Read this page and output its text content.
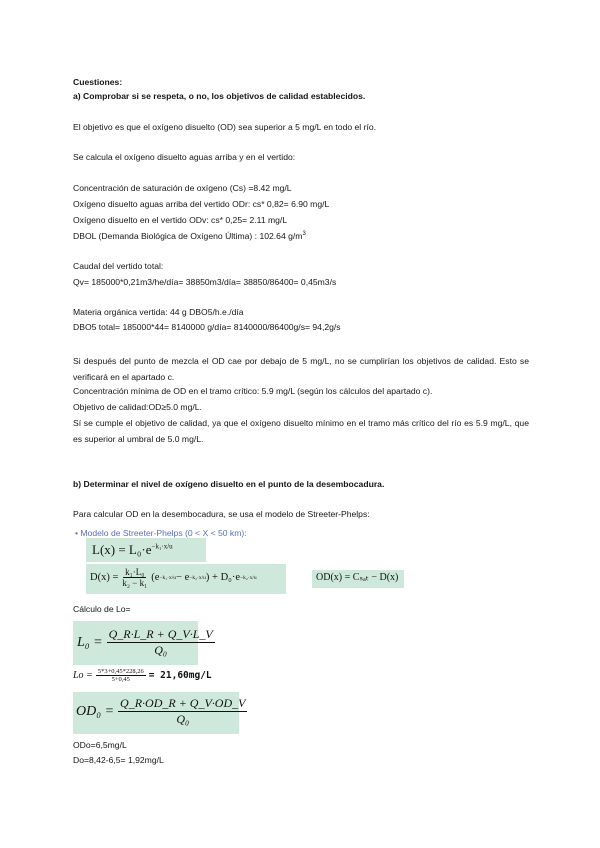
Cuestiones:
a) Comprobar si se respeta, o no, los objetivos de calidad establecidos.
El objetivo es que el oxígeno disuelto (OD) sea superior a 5 mg/L en todo el río.
Se calcula el oxígeno disuelto aguas arriba y en el vertido:
Concentración de saturación de oxígeno (Cs) =8.42 mg/L
Oxígeno disuelto aguas arriba del vertido ODr: cs* 0,82= 6.90 mg/L
Oxígeno disuelto en el vertido ODv: cs* 0,25= 2.11 mg/L
DBOL (Demanda Biológica de Oxígeno Última) : 102.64 $g/m^3$
Caudal del vertido total:
Qv= 185000*0,21m3/he/día= 38850m3/día= 38850/86400= 0,45m3/s
Materia orgánica vertida: 44 g DBO5/h.e./día
DBO5 total= 185000*44= 8140000 g/día= 8140000/86400g/s= 94,2g/s
Si después del punto de mezcla el OD cae por debajo de 5 mg/L, no se cumplirían los objetivos de calidad. Esto se verificará en el apartado c.
Concentración mínima de OD en el tramo crítico: 5.9 mg/L (según los cálculos del apartado c).
Objetivo de calidad:OD≥5.0 mg/L.
Sí se cumple el objetivo de calidad, ya que el oxígeno disuelto mínimo en el tramo más crítico del río es 5.9 mg/L, que es superior al umbral de 5.0 mg/L.
b) Determinar el nivel de oxígeno disuelto en el punto de la desembocadura.
Para calcular OD en la desembocadura, se usa el modelo de Streeter-Phelps:
• Modelo de Streeter-Phelps (0 < X < 50 km):
$L(x) = L_0\cdot e^{-k_1\cdot x/u}$
$D(x) = \frac{\text{k₁·L₀}}{\text{k₂ − k₁}} (e -k_1\cdot x/u - e -k_2\cdot x/u$ ) + D₀·e −k₂·x/u	OD(x) = Cₛₐₜ − D(x)
Cálculo de Lo=
$L_0 = \frac{Q\_R\cdot L\_R + Q\_V\cdot L\_V}{\text{Q₀}}$
$Lo = \frac{5*3+0,45*228,26}{5+0,45} = 21,60mg/L$
$OD_0 = \frac{Q\_R\cdot OD\_R + Q\_V\cdot OD\_V}{\text{Q₀}}$
ODo=6,5mg/L
Do=8,42-6,5= 1,92mg/L
